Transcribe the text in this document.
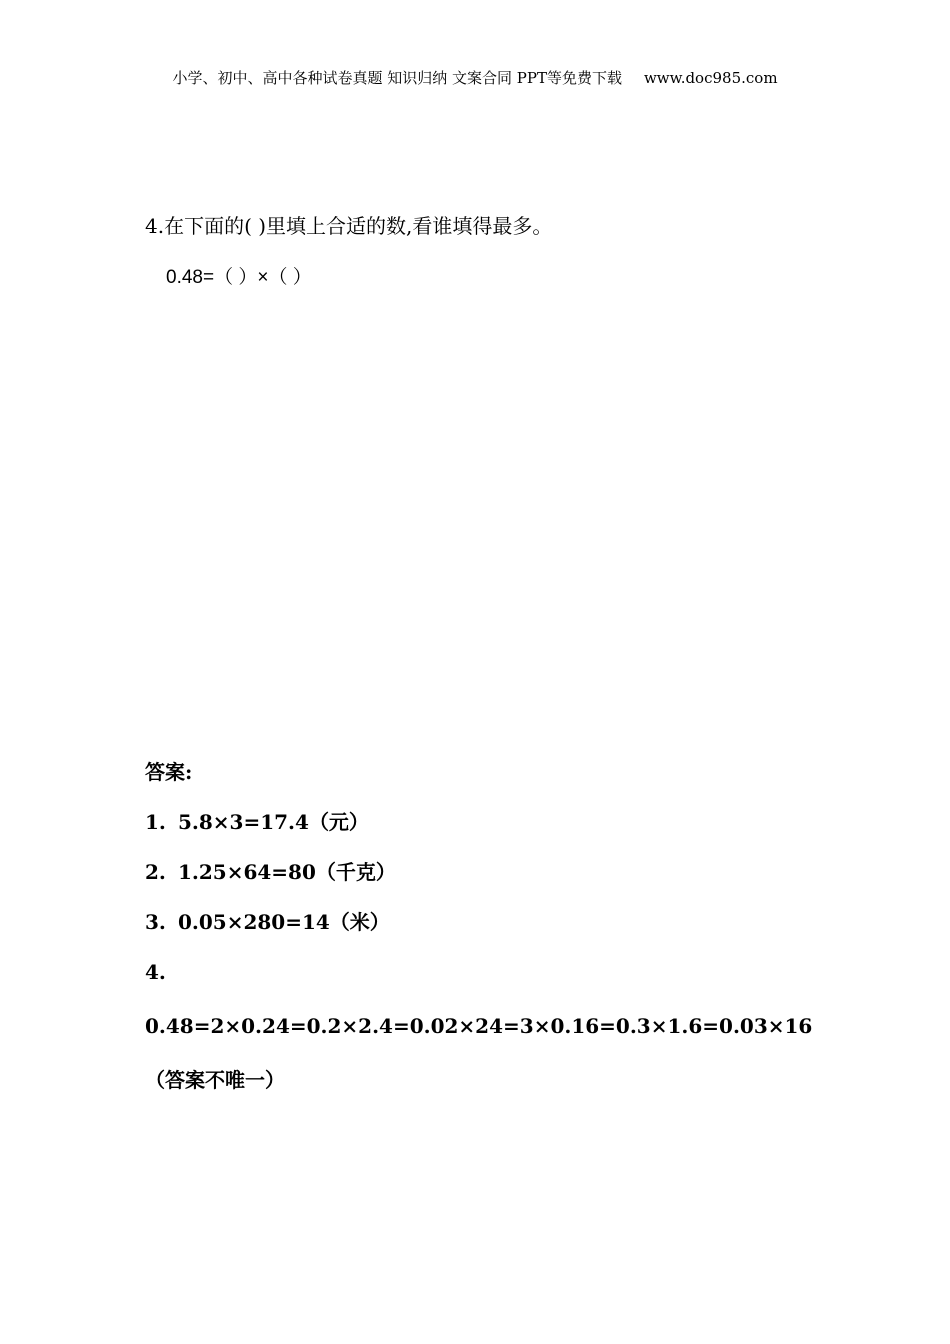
小学、初中、高中各种试卷真题 知识归纳 文案合同 PPT等免费下载 www.doc985.com
4.在下面的( )里填上合适的数,看谁填得最多。
0.48=（ ）×（ ）
答案:
1. 5.8×3=17.4（元）
2. 1.25×64=80（千克）
3. 0.05×280=14（米）
4.0.48=2×0.24=0.2×2.4=0.02×24=3×0.16=0.3×1.6=0.03×16（答案不唯一）
